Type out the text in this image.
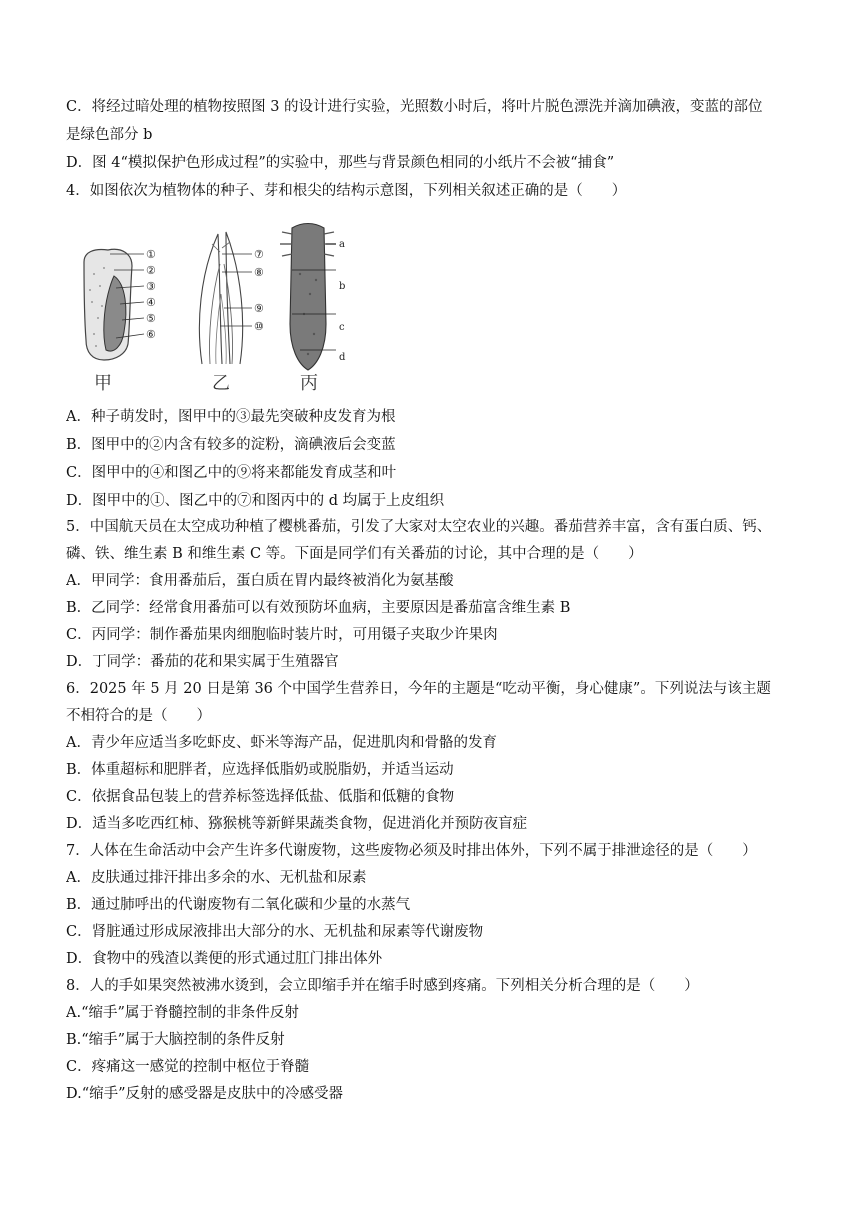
C．将经过暗处理的植物按照图 3 的设计进行实验，光照数小时后，将叶片脱色漂洗并滴加碘液，变蓝的部位
是绿色部分 b
D．图 4“模拟保护色形成过程”的实验中，那些与背景颜色相同的小纸片不会被“捕食”
4．如图依次为植物体的种子、芽和根尖的结构示意图，下列相关叙述正确的是（　　）
①
②
③
④
⑤
⑥
甲
⑦
⑧
⑨
⑩
乙
a
b
c
d
丙
A．种子萌发时，图甲中的③最先突破种皮发育为根
B．图甲中的②内含有较多的淀粉，滴碘液后会变蓝
C．图甲中的④和图乙中的⑨将来都能发育成茎和叶
D．图甲中的①、图乙中的⑦和图丙中的 d 均属于上皮组织
5．中国航天员在太空成功种植了樱桃番茄，引发了大家对太空农业的兴趣。番茄营养丰富，含有蛋白质、钙、
磷、铁、维生素 B 和维生素 C 等。下面是同学们有关番茄的讨论，其中合理的是（　　）
A．甲同学：食用番茄后，蛋白质在胃内最终被消化为氨基酸
B．乙同学：经常食用番茄可以有效预防坏血病，主要原因是番茄富含维生素 B
C．丙同学：制作番茄果肉细胞临时装片时，可用镊子夹取少许果肉
D．丁同学：番茄的花和果实属于生殖器官
6．2025 年 5 月 20 日是第 36 个中国学生营养日，今年的主题是“吃动平衡，身心健康”。下列说法与该主题
不相符合的是（　　）
A．青少年应适当多吃虾皮、虾米等海产品，促进肌肉和骨骼的发育
B．体重超标和肥胖者，应选择低脂奶或脱脂奶，并适当运动
C．依据食品包装上的营养标签选择低盐、低脂和低糖的食物
D．适当多吃西红柿、猕猴桃等新鲜果蔬类食物，促进消化并预防夜盲症
7．人体在生命活动中会产生许多代谢废物，这些废物必须及时排出体外，下列不属于排泄途径的是（　　）
A．皮肤通过排汗排出多余的水、无机盐和尿素
B．通过肺呼出的代谢废物有二氧化碳和少量的水蒸气
C．肾脏通过形成尿液排出大部分的水、无机盐和尿素等代谢废物
D．食物中的残渣以粪便的形式通过肛门排出体外
8．人的手如果突然被沸水烫到，会立即缩手并在缩手时感到疼痛。下列相关分析合理的是（　　）
A.“缩手”属于脊髓控制的非条件反射
B.“缩手”属于大脑控制的条件反射
C．疼痛这一感觉的控制中枢位于脊髓
D.“缩手”反射的感受器是皮肤中的冷感受器
